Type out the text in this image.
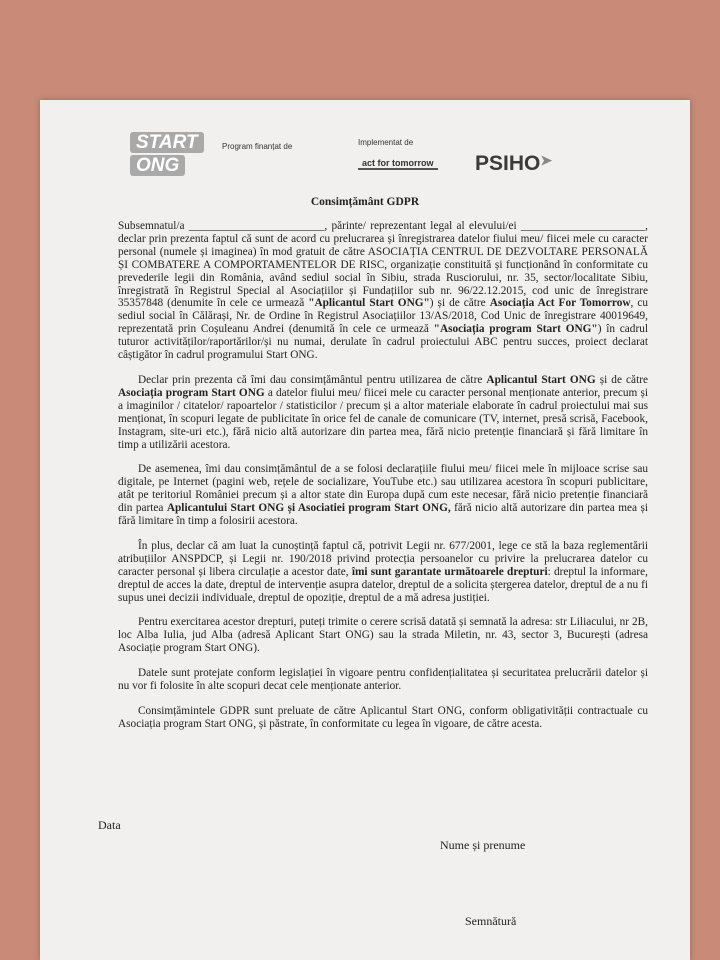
START
ONG
Program finanțat de	Implementat de
act for tomorrow PSIHO➤
Consimțământ GDPR

Subsemnatul/a ________________________, părinte/ reprezentant legal al elevului/ei ______________________, declar prin prezenta faptul că sunt de acord cu prelucrarea și înregistrarea datelor fiului meu/ fiicei mele cu caracter personal (numele și imaginea) în mod gratuit de către ASOCIAȚIA CENTRUL DE DEZVOLTARE PERSONALĂ ȘI COMBATERE A COMPORTAMENTELOR DE RISC, organizație constituită și funcționând în conformitate cu prevederile legii din România, având sediul social în Sibiu, strada Rusciorului, nr. 35, sector/localitate Sibiu, înregistrată în Registrul Special al Asociațiilor și Fundațiilor sub nr. 96/22.12.2015, cod unic de înregistrare 35357848 (denumite în cele ce urmează "Aplicantul Start ONG") și de către Asociația Act For Tomorrow, cu sediul social în Călărași, Nr. de Ordine în Registrul Asociațiilor 13/AS/2018, Cod Unic de înregistrare 40019649, reprezentată prin Coșuleanu Andrei (denumită în cele ce urmează "Asociația program Start ONG") în cadrul tuturor activităților/raportărilor/și nu numai, derulate în cadrul proiectului ABC pentru succes, proiect declarat câștigător în cadrul programului Start ONG.

Declar prin prezenta că îmi dau consimțământul pentru utilizarea de către Aplicantul Start ONG și de către Asociația program Start ONG a datelor fiului meu/ fiicei mele cu caracter personal menționate anterior, precum și a imaginilor / citatelor/ rapoartelor / statisticilor / precum și a altor materiale elaborate în cadrul proiectului mai sus menționat, în scopuri legate de publicitate în orice fel de canale de comunicare (TV, internet, presă scrisă, Facebook, Instagram, site-uri etc.), fără nicio altă autorizare din partea mea, fără nicio pretenție financiară și fără limitare în timp a utilizării acestora.

De asemenea, îmi dau consimțământul de a se folosi declarațiile fiului meu/ fiicei mele în mijloace scrise sau digitale, pe Internet (pagini web, rețele de socializare, YouTube etc.) sau utilizarea acestora în scopuri publicitare, atât pe teritoriul României precum și a altor state din Europa după cum este necesar, fără nicio pretenție financiară din partea Aplicantului Start ONG și Asociatiei program Start ONG, fără nicio altă autorizare din partea mea și fără limitare în timp a folosirii acestora.

În plus, declar că am luat la cunoștință faptul că, potrivit Legii nr. 677/2001, lege ce stă la baza reglementării atribuțiilor ANSPDCP, și Legii nr. 190/2018 privind protecția persoanelor cu privire la prelucrarea datelor cu caracter personal și libera circulație a acestor date, îmi sunt garantate următoarele drepturi: dreptul la informare, dreptul de acces la date, dreptul de intervenție asupra datelor, dreptul de a solicita ștergerea datelor, dreptul de a nu fi supus unei decizii individuale, dreptul de opoziție, dreptul de a mă adresa justiției.

Pentru exercitarea acestor drepturi, puteți trimite o cerere scrisă datată și semnată la adresa: str Liliacului, nr 2B, loc Alba Iulia, jud Alba (adresă Aplicant Start ONG) sau la strada Miletin, nr. 43, sector 3, București (adresa Asociație program Start ONG).

Datele sunt protejate conform legislației în vigoare pentru confidențialitatea și securitatea prelucrării datelor și nu vor fi folosite în alte scopuri decat cele menționate anterior.

Consimțămintele GDPR sunt preluate de către Aplicantul Start ONG, conform obligativității contractuale cu Asociația program Start ONG, și păstrate, în conformitate cu legea în vigoare, de către acesta.

Data
Nume și prenume
Semnătură
